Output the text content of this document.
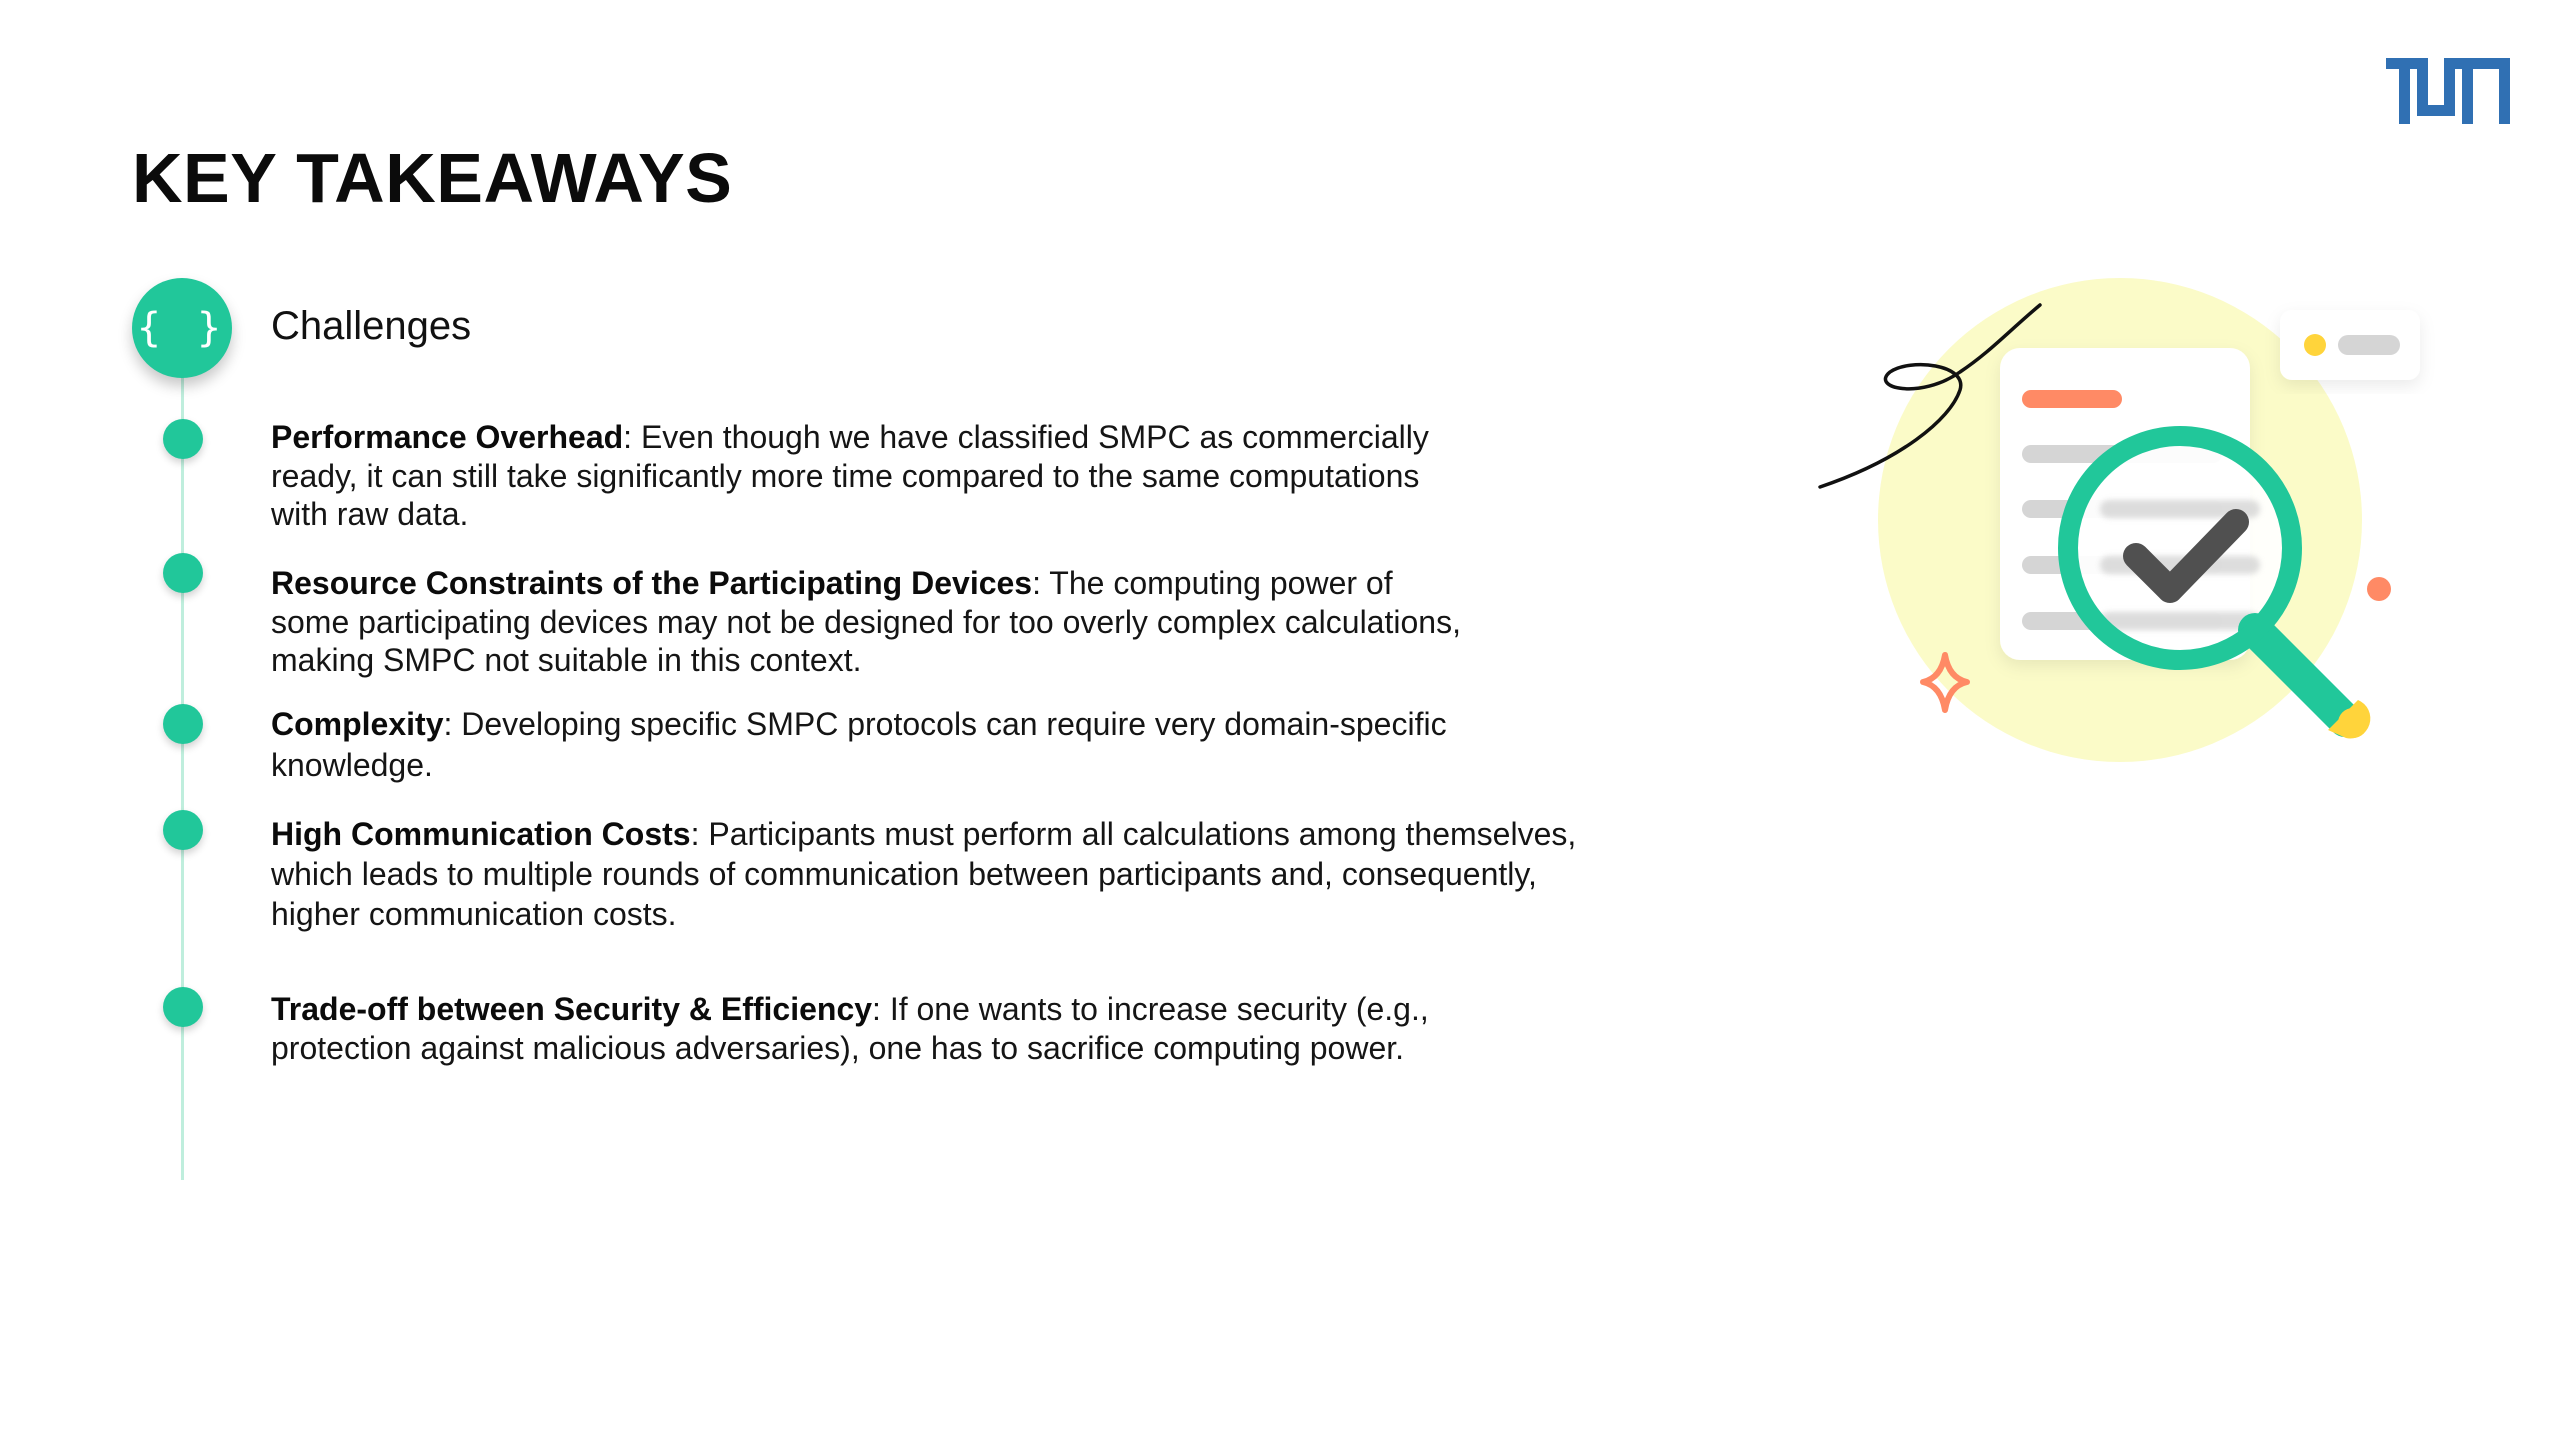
KEY TAKEAWAYS
{ } Challenges

Performance Overhead: Even though we have classified SMPC as commercially ready, it can still take significantly more time compared to the same computations with raw data.

Resource Constraints of the Participating Devices: The computing power of some participating devices may not be designed for too overly complex calculations, making SMPC not suitable in this context.

Complexity: Developing specific SMPC protocols can require very domain-specific knowledge.

High Communication Costs: Participants must perform all calculations among themselves, which leads to multiple rounds of communication between participants and, consequently, higher communication costs.

Trade-off between Security & Efficiency: If one wants to increase security (e.g., protection against malicious adversaries), one has to sacrifice computing power.
